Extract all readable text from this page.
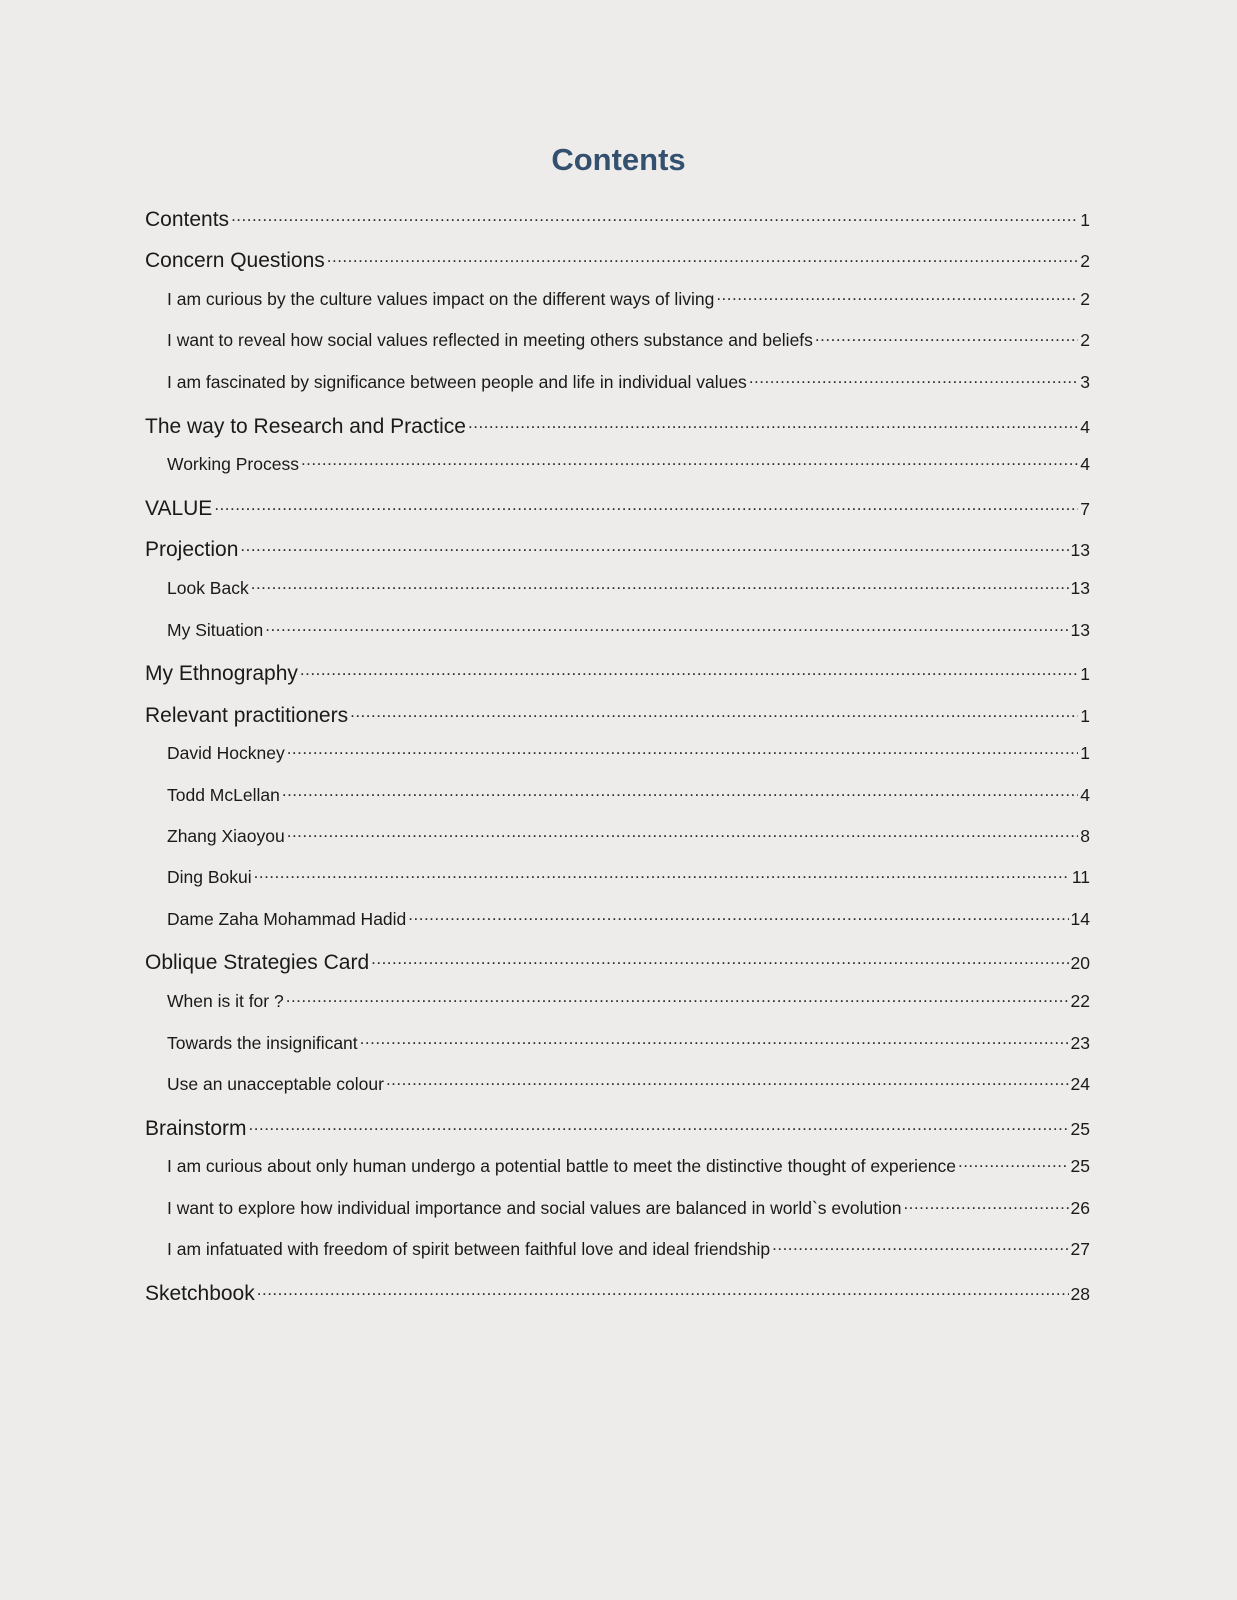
Contents
Contents .....	1
Concern Questions .....	2
I am curious by the culture values impact on the different ways of living .....	2
I want to reveal how social values reflected in meeting others substance and beliefs .....	2
I am fascinated by significance between people and life in individual values .....	3
The way to Research and Practice .....	4
Working Process .....	4
VALUE .....	7
Projection .....	13
Look Back .....	13
My Situation .....	13
My Ethnography .....	1
Relevant practitioners .....	1
David Hockney .....	1
Todd McLellan .....	4
Zhang Xiaoyou .....	8
Ding Bokui .....	11
Dame Zaha Mohammad Hadid .....	14
Oblique Strategies Card .....	20
When is it for ? .....	22
Towards the insignificant .....	23
Use an unacceptable colour .....	24
Brainstorm .....	25
I am curious about only human undergo a potential battle to meet the distinctive thought of experience .....	25
I want to explore how individual importance and social values are balanced in world`s evolution .....	26
I am infatuated with freedom of spirit between faithful love and ideal friendship .....	27
Sketchbook .....	28
